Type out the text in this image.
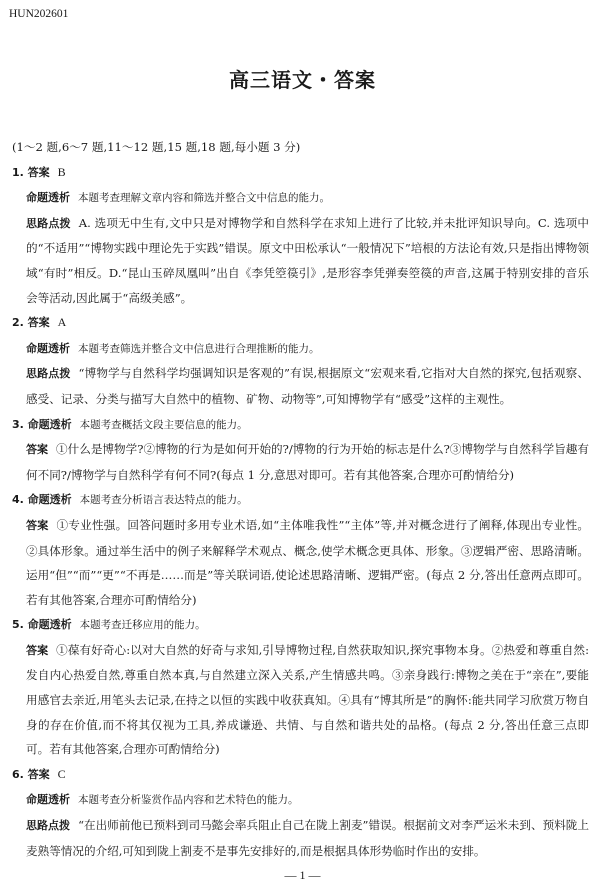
HUN202601
高三语文・答案

(1～2 题,6～7 题,11～12 题,15 题,18 题,每小题 3 分)

1. 答案 B

命题透析 本题考查理解文章内容和筛选并整合文中信息的能力。

思路点拨 A. 选项无中生有,文中只是对博物学和自然科学在求知上进行了比较,并未批评知识导向。C. 选项中的“不适用”“博物实践中理论先于实践”错误。原文中田松承认“一般情况下”培根的方法论有效,只是指出博物领域“有时”相反。D.“昆山玉碎凤凰叫”出自《李凭箜篌引》,是形容李凭弹奏箜篌的声音,这属于特别安排的音乐会等活动,因此属于“高级美感”。

2. 答案 A

命题透析 本题考查筛选并整合文中信息进行合理推断的能力。

思路点拨 “博物学与自然科学均强调知识是客观的”有误,根据原文“宏观来看,它指对大自然的探究,包括观察、感受、记录、分类与描写大自然中的植物、矿物、动物等”,可知博物学有“感受”这样的主观性。

3. 命题透析 本题考查概括文段主要信息的能力。

答案 ①什么是博物学?②博物的行为是如何开始的?/博物的行为开始的标志是什么?③博物学与自然科学旨趣有何不同?/博物学与自然科学有何不同?(每点 1 分,意思对即可。若有其他答案,合理亦可酌情给分)

4. 命题透析 本题考查分析语言表达特点的能力。

答案 ①专业性强。回答问题时多用专业术语,如“主体唯我性”“主体”等,并对概念进行了阐释,体现出专业性。②具体形象。通过举生活中的例子来解释学术观点、概念,使学术概念更具体、形象。③逻辑严密、思路清晰。运用“但”“而”“更”“不再是……而是”等关联词语,使论述思路清晰、逻辑严密。(每点 2 分,答出任意两点即可。若有其他答案,合理亦可酌情给分)

5. 命题透析 本题考查迁移应用的能力。

答案 ①葆有好奇心:以对大自然的好奇与求知,引导博物过程,自然获取知识,探究事物本身。②热爱和尊重自然:发自内心热爱自然,尊重自然本真,与自然建立深入关系,产生情感共鸣。③亲身践行:博物之美在于“亲在”,要能用感官去亲近,用笔头去记录,在持之以恒的实践中收获真知。④具有“博其所是”的胸怀:能共同学习欣赏万物自身的存在价值,而不将其仅视为工具,养成谦逊、共情、与自然和谐共处的品格。(每点 2 分,答出任意三点即可。若有其他答案,合理亦可酌情给分)

6. 答案 C

命题透析 本题考查分析鉴赏作品内容和艺术特色的能力。

思路点拨 “在出师前他已预料到司马懿会率兵阻止自己在陇上割麦”错误。根据前文对李严运米未到、预料陇上麦熟等情况的介绍,可知到陇上割麦不是事先安排好的,而是根据具体形势临时作出的安排。

— 1 —
